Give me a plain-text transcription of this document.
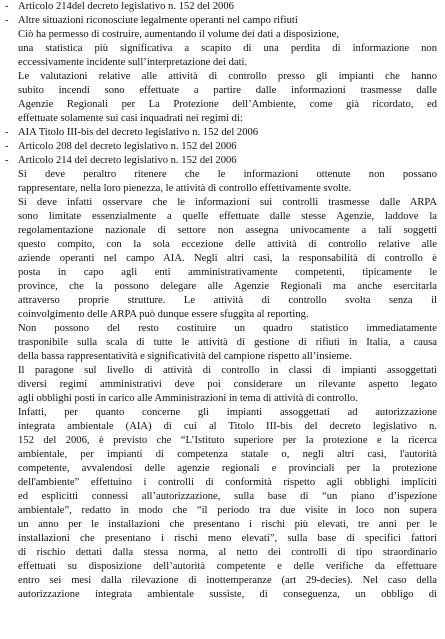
- Articolo 214del decreto legislativo n. 152 del 2006
- Altre situazioni riconosciute legalmente operanti nel campo rifiuti
Ciò ha permesso di costruire, aumentando il volume dei dati a disposizione,
una statistica più significativa a scapito di una perdita di informazione non
eccessivamente incidente sull’interpretazione dei dati.
Le valutazioni relative alle attività di controllo presso gli impianti che hanno
subito incendi sono effettuate a partire dalle informazioni trasmesse dalle
Agenzie Regionali per La Protezione dell’Ambiente, come già ricordato, ed
effettuate solamente sui casi inquadrati nei regimi di:
- AIA Titolo III-bis del decreto legislativo n. 152 del 2006
- Articolo 208 del decreto legislativo n. 152 del 2006
- Articolo 214 del decreto legislativo n. 152 del 2006
Si deve peraltro ritenere che le informazioni ottenute non possano
rappresentare, nella loro pienezza, le attività di controllo effettivamente svolte.
Si deve infatti osservare che le informazioni sui controlli trasmesse dalle ARPA
sono limitate essenzialmente a quelle effettuate dalle stesse Agenzie, laddove la
regolamentazione nazionale di settore non assegna univocamente a tali soggetti
questo compito, con la sola eccezione delle attività di controllo relative alle
aziende operanti nel campo AIA. Negli altri casi, la responsabilità di controllo è
posta in capo agli enti amministrativamente competenti, tipicamente le
province, che la possono delegare alle Agenzie Regionali ma anche esercitarla
attraverso proprie strutture. Le attività di controllo svolta senza il
coinvolgimento delle ARPA può dunque essere sfuggita al reporting.
Non possono del resto costituire un quadro statistico immediatamente
trasponibile sulla scala di tutte le attività di gestione di rifiuti in Italia, a causa
della bassa rappresentatività e significatività del campione rispetto all’insieme.
Il paragone sul livello di attività di controllo in classi di impianti assoggettati
diversi regimi amministrativi deve poi considerare un rilevante aspetto legato
agli obblighi posti in carico alle Amministrazioni in tema di attività di controllo.
Infatti, per quanto concerne gli impianti assoggettati ad autorizzazione
integrata ambientale (AIA) di cui al Titolo III-bis del decreto legislativo n.
152 del 2006, è previsto che “L’Istituto superiore per la protezione e la ricerca
ambientale, per impianti di competenza statale o, negli altri casi, l'autorità
competente, avvalendosi delle agenzie regionali e provinciali per la protezione
dell'ambiente” effettuino i controlli di conformità rispetto agli obblighi impliciti
ed esplicitti connessi all’autorizzazione, sulla base di “un piano d’ispezione
ambientale”, redatto in modo che “il periodo tra due visite in loco non supera
un anno per le installazioni che presentano i rischi più elevati, tre anni per le
installazioni che presentano i rischi meno elevati”, sulla base di specifici fattori
di rischio dettati dalla stessa norma, al netto dei controlli di tipo straordinario
effettuati su disposizione dell’autorità competente e delle verifiche da effettuare
entro sei mesi dalla rilevazione di inottemperanze (art 29-decies). Nel caso della
autorizzazione integrata ambientale sussiste, di conseguenza, un obbligo di
